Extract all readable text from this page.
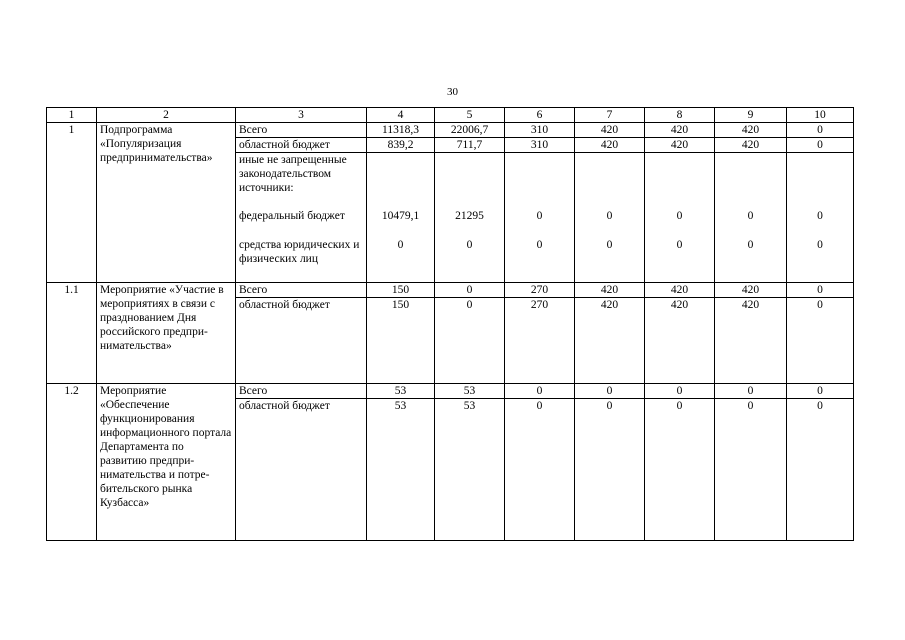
30
1	2	3	4	5	6	7	8	9	10
1	Подпрограмма «Популяризация предпринимательства»	Всего	11318,3	22006,7	310	420	420	420	0
		областной бюджет	839,2	711,7	310	420	420	420	0
		иные не запрещенные законодательством источники:							
		федеральный бюджет	10479,1	21295	0	0	0	0	0
		средства юридических и физических лиц	0	0	0	0	0	0	0
1.1	Мероприятие «Участие в мероприятиях в связи с празднованием Дня российского предпри-нимательства»	Всего	150	0	270	420	420	420	0
		областной бюджет	150	0	270	420	420	420	0
1.2	Мероприятие «Обеспечение функционирования информационного портала Департамента по развитию предпри-нимательства и потре-бительского рынка Кузбасса»	Всего	53	53	0	0	0	0	0
		областной бюджет	53	53	0	0	0	0	0
